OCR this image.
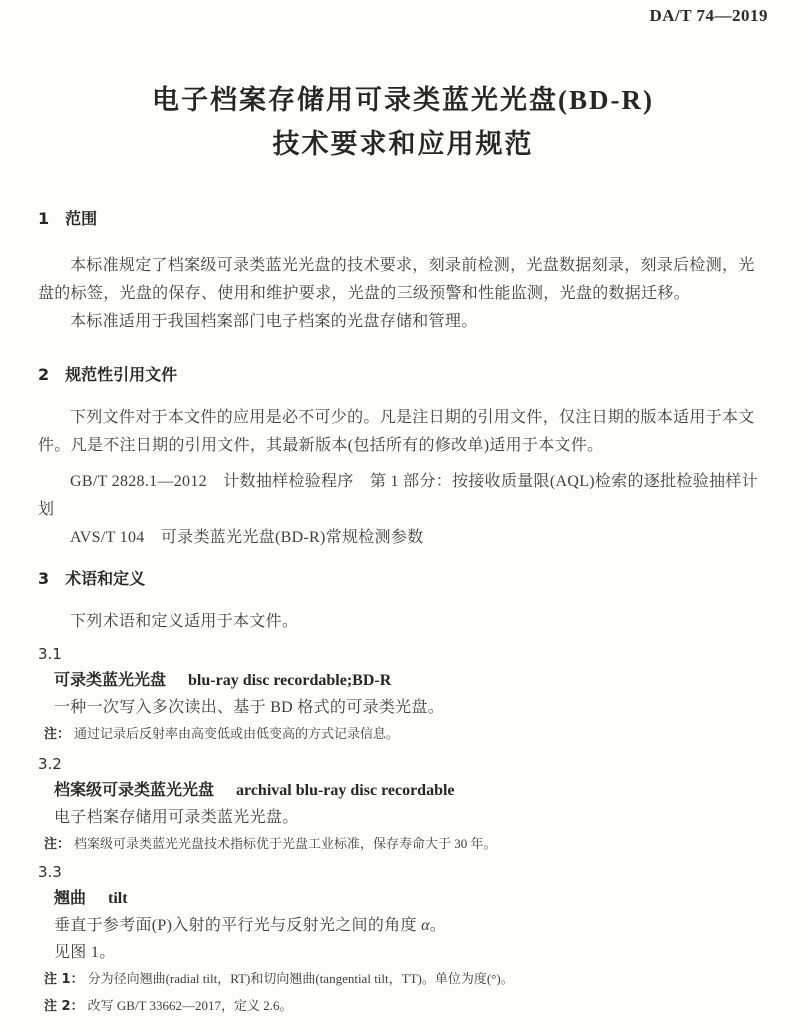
DA/T 74—2019
电子档案存储用可录类蓝光光盘(BD-R)
技术要求和应用规范
1 范围

本标准规定了档案级可录类蓝光光盘的技术要求，刻录前检测，光盘数据刻录，刻录后检测，光盘的标签，光盘的保存、使用和维护要求，光盘的三级预警和性能监测，光盘的数据迁移。

本标准适用于我国档案部门电子档案的光盘存储和管理。

2 规范性引用文件

下列文件对于本文件的应用是必不可少的。凡是注日期的引用文件，仅注日期的版本适用于本文件。凡是不注日期的引用文件，其最新版本(包括所有的修改单)适用于本文件。

GB/T 2828.1—2012　计数抽样检验程序　第 1 部分：按接收质量限(AQL)检索的逐批检验抽样计划

AVS/T 104　可录类蓝光光盘(BD-R)常规检测参数

3 术语和定义

下列术语和定义适用于本文件。

3.1

可录类蓝光光盘 blu-ray disc recordable;BD-R

一种一次写入多次读出、基于 BD 格式的可录类光盘。

注： 通过记录后反射率由高变低或由低变高的方式记录信息。

3.2

档案级可录类蓝光光盘 archival blu-ray disc recordable

电子档案存储用可录类蓝光光盘。

注： 档案级可录类蓝光光盘技术指标优于光盘工业标准，保存寿命大于 30 年。

3.3

翘曲 tilt

垂直于参考面(P)入射的平行光与反射光之间的角度 α。

见图 1。

注 1： 分为径向翘曲(radial tilt，RT)和切向翘曲(tangential tilt，TT)。单位为度(°)。

注 2： 改写 GB/T 33662—2017，定义 2.6。
